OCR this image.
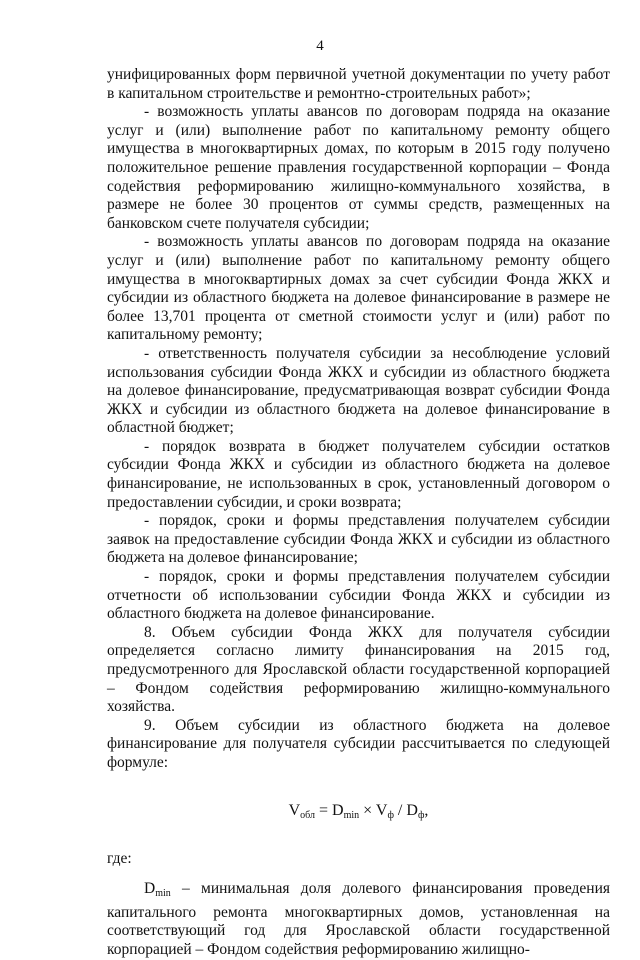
4

унифицированных форм первичной учетной документации по учету работ в капитальном строительстве и ремонтно-строительных работ»;

- возможность уплаты авансов по договорам подряда на оказание услуг и (или) выполнение работ по капитальному ремонту общего имущества в многоквартирных домах, по которым в 2015 году получено положительное решение правления государственной корпорации – Фонда содействия реформированию жилищно-коммунального хозяйства, в размере не более 30 процентов от суммы средств, размещенных на банковском счете получателя субсидии;

- возможность уплаты авансов по договорам подряда на оказание услуг и (или) выполнение работ по капитальному ремонту общего имущества в многоквартирных домах за счет субсидии Фонда ЖКХ и субсидии из областного бюджета на долевое финансирование в размере не более 13,701 процента от сметной стоимости услуг и (или) работ по капитальному ремонту;

- ответственность получателя субсидии за несоблюдение условий использования субсидии Фонда ЖКХ и субсидии из областного бюджета на долевое финансирование, предусматривающая возврат субсидии Фонда ЖКХ и субсидии из областного бюджета на долевое финансирование в областной бюджет;

- порядок возврата в бюджет получателем субсидии остатков субсидии Фонда ЖКХ и субсидии из областного бюджета на долевое финансирование, не использованных в срок, установленный договором о предоставлении субсидии, и сроки возврата;

- порядок, сроки и формы представления получателем субсидии заявок на предоставление субсидии Фонда ЖКХ и субсидии из областного бюджета на долевое финансирование;

- порядок, сроки и формы представления получателем субсидии отчетности об использовании субсидии Фонда ЖКХ и субсидии из областного бюджета на долевое финансирование.

8. Объем субсидии Фонда ЖКХ для получателя субсидии определяется согласно лимиту финансирования на 2015 год, предусмотренного для Ярославской области государственной корпорацией – Фондом содействия реформированию жилищно-коммунального хозяйства.

9. Объем субсидии из областного бюджета на долевое финансирование для получателя субсидии рассчитывается по следующей формуле:

$V_{обл} = D_{min} \times V_ф / D_ф$,

где:

$D_{min}$ – минимальная доля долевого финансирования проведения капитального ремонта многоквартирных домов, установленная на соответствующий год для Ярославской области государственной корпорацией – Фондом содействия реформированию жилищно-
